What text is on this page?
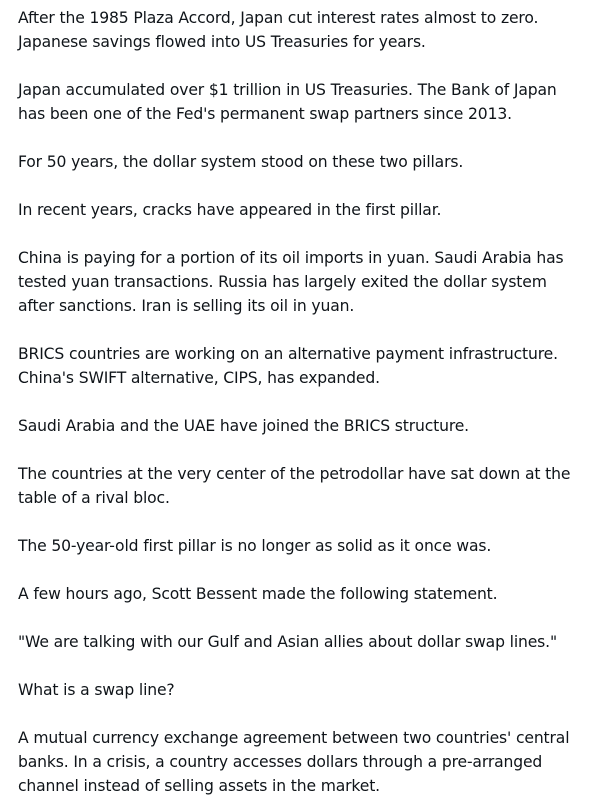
After the 1985 Plaza Accord, Japan cut interest rates almost to zero. Japanese savings flowed into US Treasuries for years.

Japan accumulated over $1 trillion in US Treasuries. The Bank of Japan has been one of the Fed's permanent swap partners since 2013.

For 50 years, the dollar system stood on these two pillars.

In recent years, cracks have appeared in the first pillar.

China is paying for a portion of its oil imports in yuan. Saudi Arabia has tested yuan transactions. Russia has largely exited the dollar system after sanctions. Iran is selling its oil in yuan.

BRICS countries are working on an alternative payment infrastructure. China's SWIFT alternative, CIPS, has expanded.

Saudi Arabia and the UAE have joined the BRICS structure.

The countries at the very center of the petrodollar have sat down at the table of a rival bloc.

The 50-year-old first pillar is no longer as solid as it once was.

A few hours ago, Scott Bessent made the following statement.

"We are talking with our Gulf and Asian allies about dollar swap lines."

What is a swap line?

A mutual currency exchange agreement between two countries' central banks. In a crisis, a country accesses dollars through a pre-arranged channel instead of selling assets in the market.
